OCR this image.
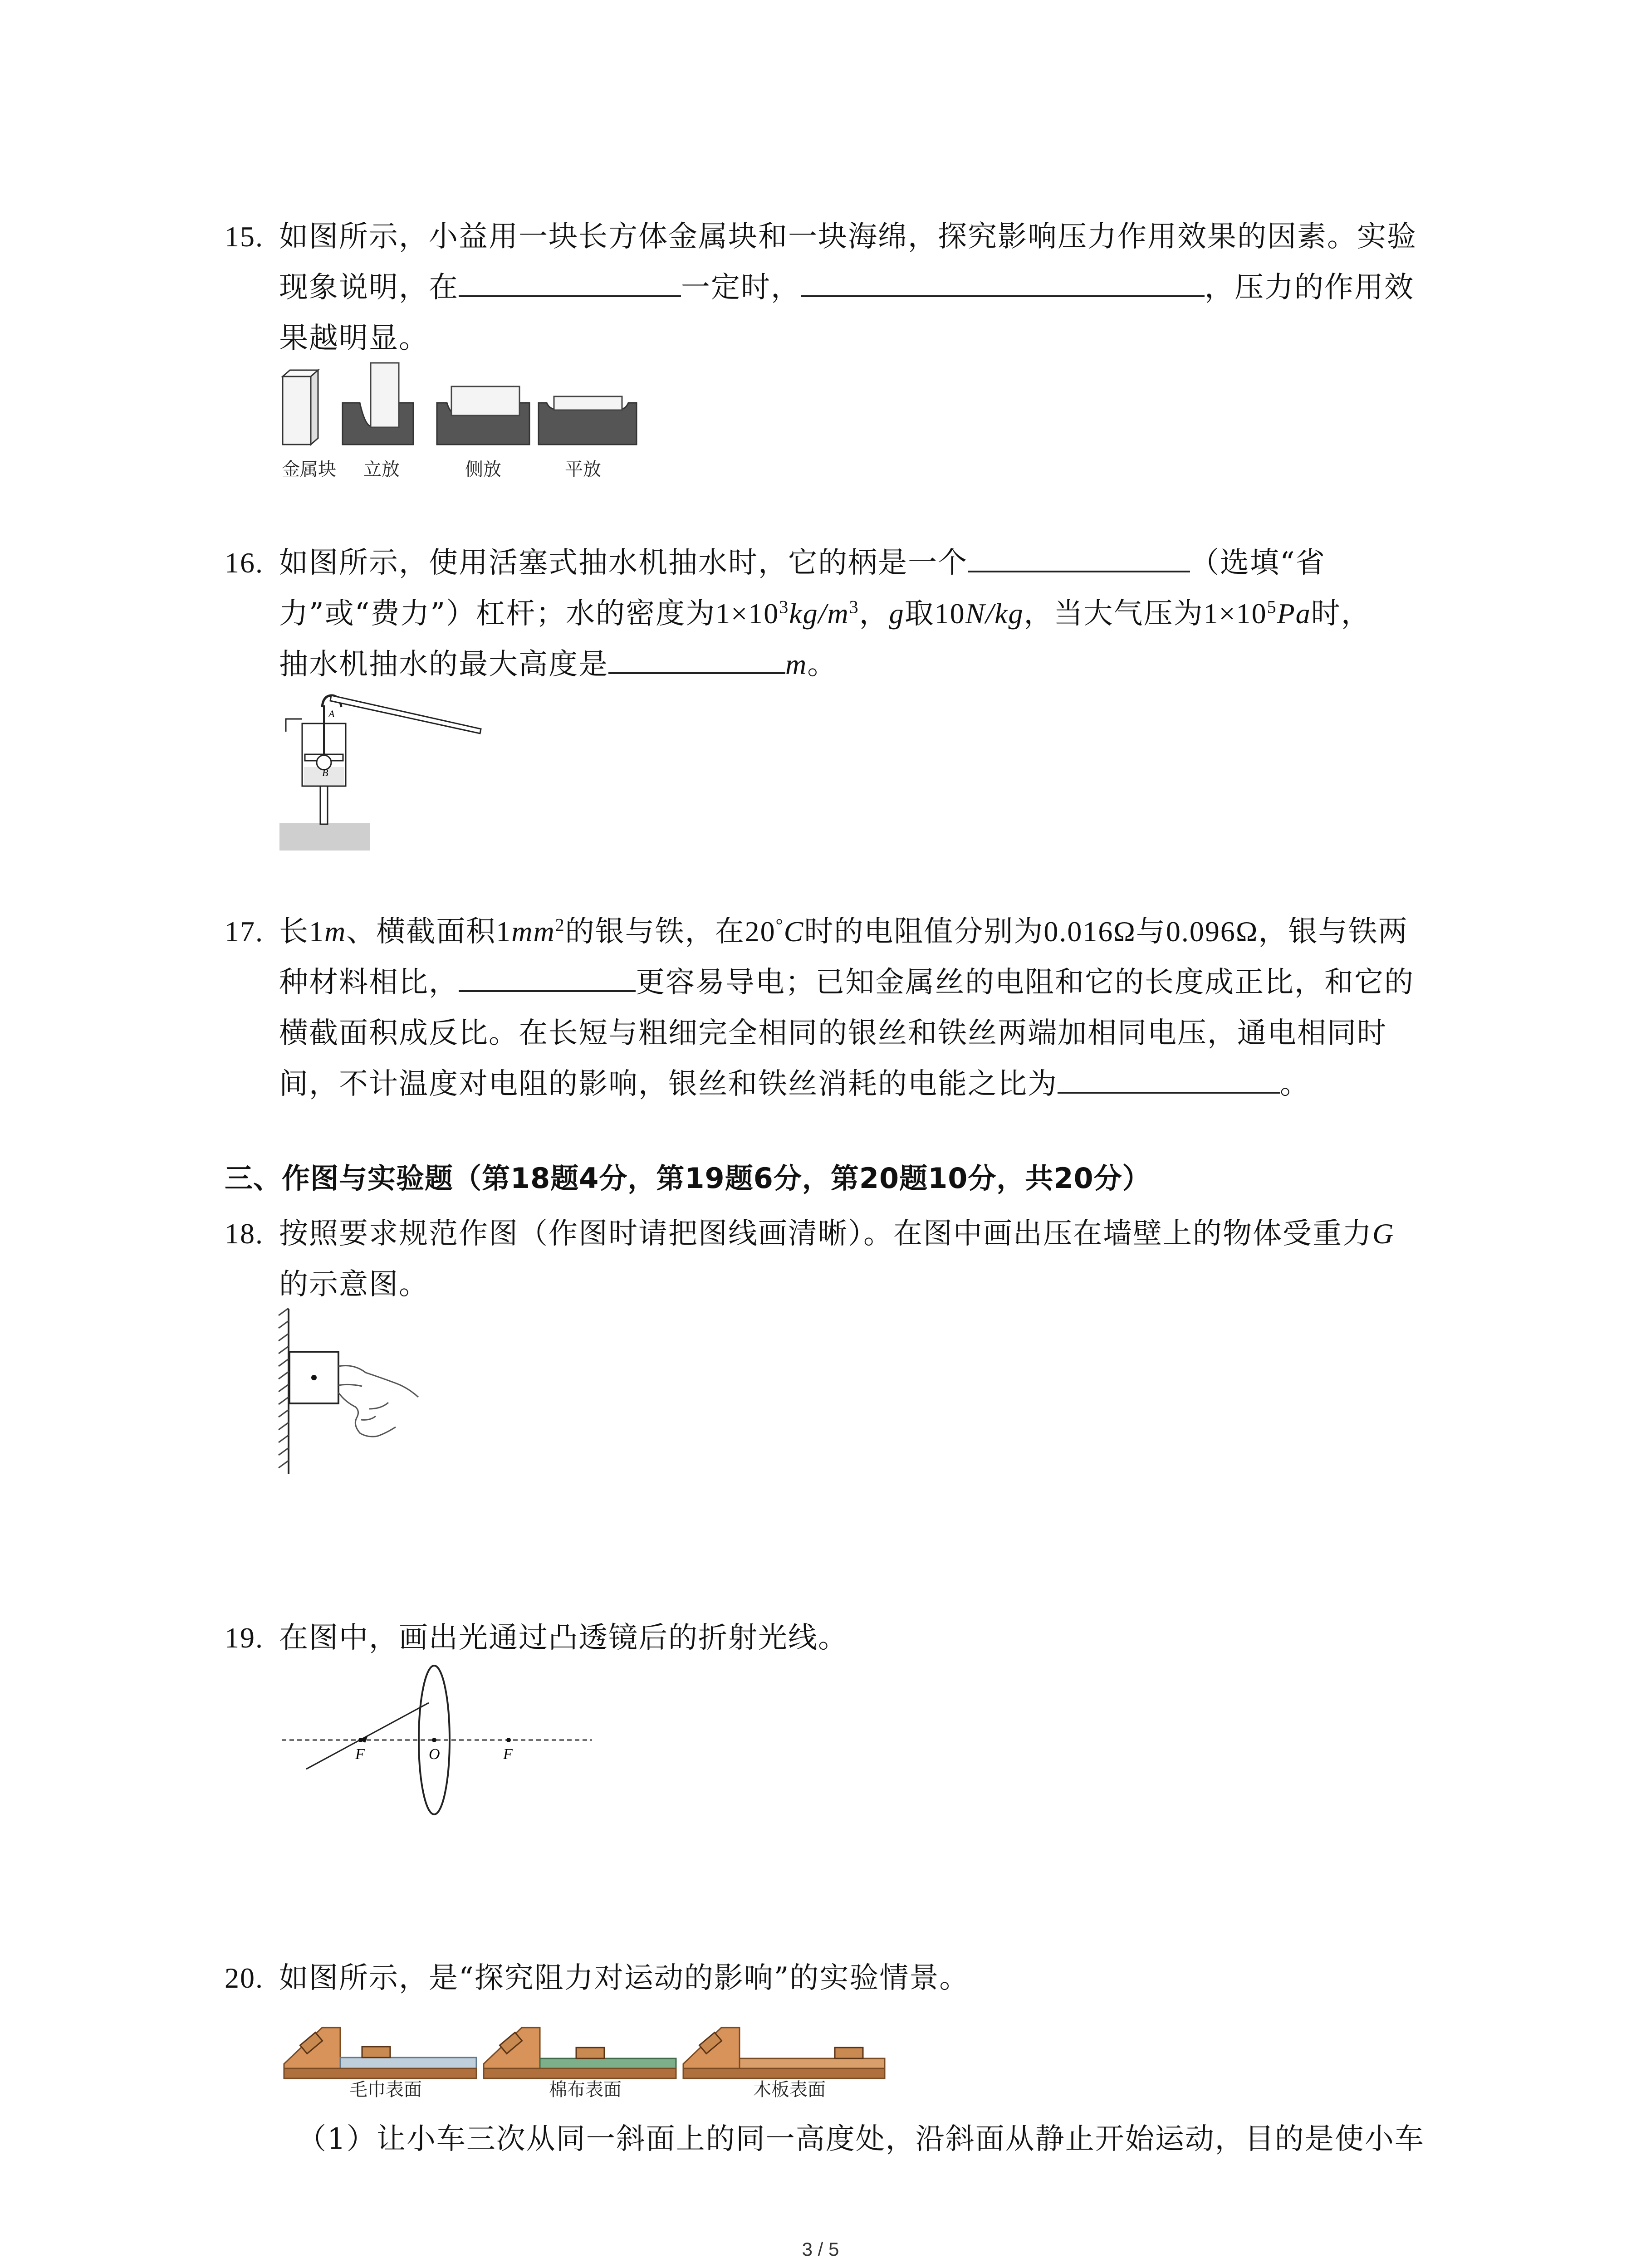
15. 如图所示，小益用一块长方体金属块和一块海绵，探究影响压力作用效果的因素。实验
现象说明，在	一定时，	，压力的作用效
果越明显。
金属块 立放	侧放	平放
16. 如图所示，使用活塞式抽水机抽水时，它的柄是一个	（选填“省
力”或“费力”）杠杆；水的密度为$1\times 10^3kg/m^3$，g取10N/kg，当大气压为$1\times 10^5Pa$时，
抽水机抽水的最大高度是	m。
A
B
17. 长1m、横截面积$1mm^2$的银与铁，在20°C时的电阻值分别为0.016Ω与0.096Ω，银与铁两
种材料相比，	更容易导电；已知金属丝的电阻和它的长度成正比，和它的
横截面积成反比。在长短与粗细完全相同的银丝和铁丝两端加相同电压，通电相同时
间，不计温度对电阻的影响，银丝和铁丝消耗的电能之比为	。
三、作图与实验题（第18题4分，第19题6分，第20题10分，共20分）
18. 按照要求规范作图（作图时请把图线画清晰）。在图中画出压在墙壁上的物体受重力G
的示意图。
19. 在图中，画出光通过凸透镜后的折射光线。
F	O	F
20. 如图所示，是“探究阻力对运动的影响”的实验情景。
毛巾表面	棉布表面	木板表面
（1）让小车三次从同一斜面上的同一高度处，沿斜面从静止开始运动，目的是使小车
3 / 5
